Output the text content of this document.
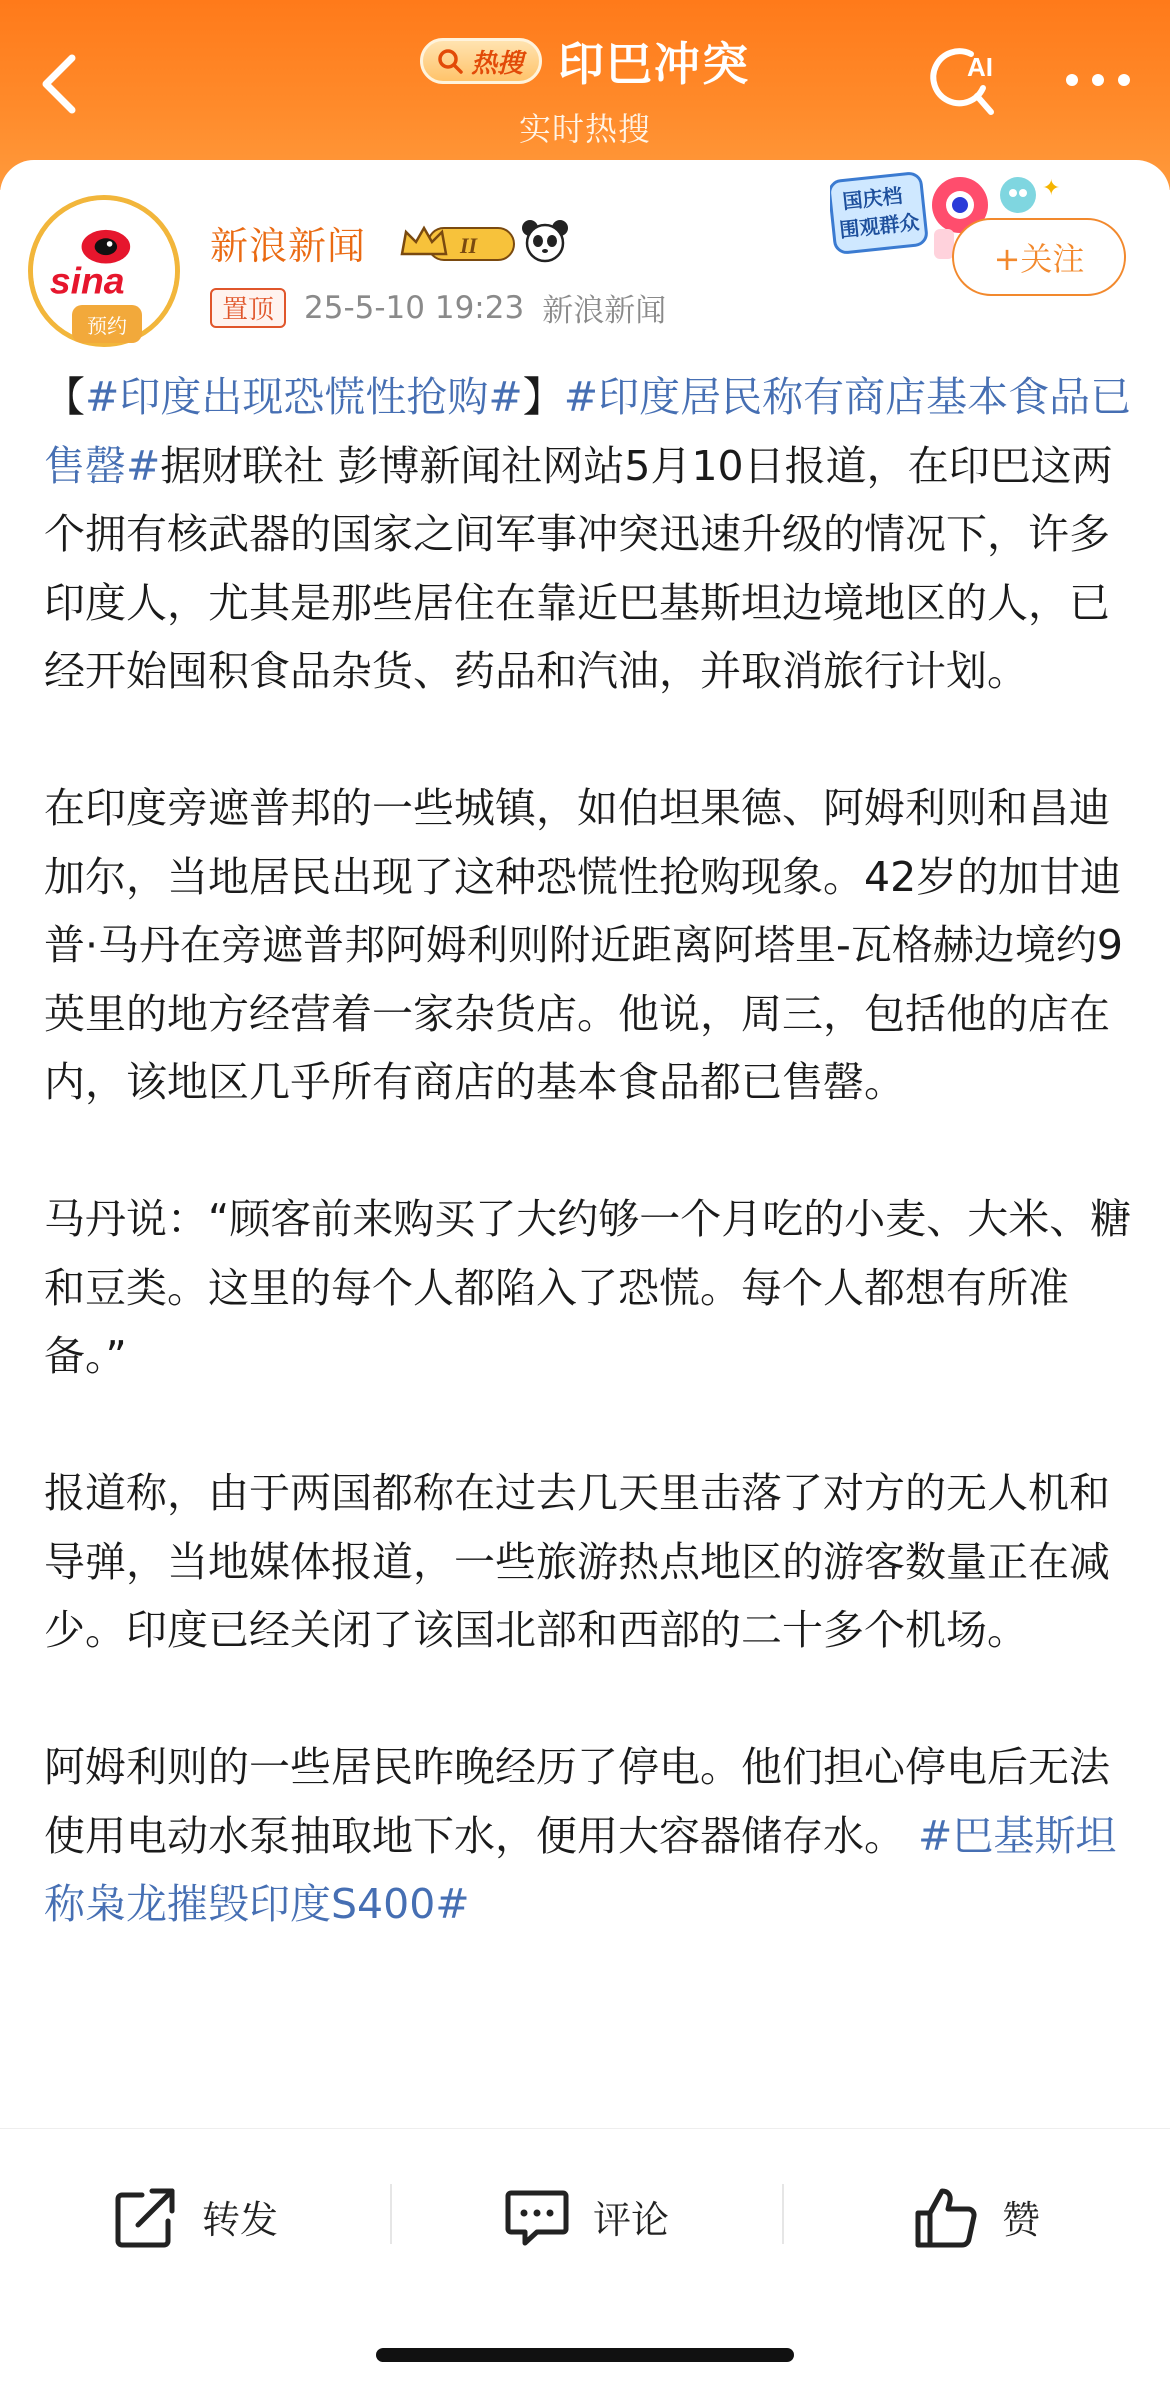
热搜 印巴冲突
实时热搜
AI
sina
预约
新浪新闻	II
置顶 25-5-10 19:23 新浪新闻
国庆档
围观群众
✦
+关注

【#印度出现恐慌性抢购#】#印度居民称有商店基本食品已售罄#据财联社 彭博新闻社网站5月10日报道，在印巴这两个拥有核武器的国家之间军事冲突迅速升级的情况下，许多印度人，尤其是那些居住在靠近巴基斯坦边境地区的人，已经开始囤积食品杂货、药品和汽油，并取消旅行计划。

在印度旁遮普邦的一些城镇，如伯坦果德、阿姆利则和昌迪加尔，当地居民出现了这种恐慌性抢购现象。42岁的加甘迪普·马丹在旁遮普邦阿姆利则附近距离阿塔里-瓦格赫边境约9英里的地方经营着一家杂货店。他说，周三，包括他的店在内，该地区几乎所有商店的基本食品都已售罄。

马丹说：“顾客前来购买了大约够一个月吃的小麦、大米、糖和豆类。这里的每个人都陷入了恐慌。每个人都想有所准备。”

报道称，由于两国都称在过去几天里击落了对方的无人机和导弹，当地媒体报道，一些旅游热点地区的游客数量正在减少。印度已经关闭了该国北部和西部的二十多个机场。

阿姆利则的一些居民昨晚经历了停电。他们担心停电后无法使用电动水泵抽取地下水，便用大容器储存水。 #巴基斯坦称枭龙摧毁印度S400#

转发	评论	赞
